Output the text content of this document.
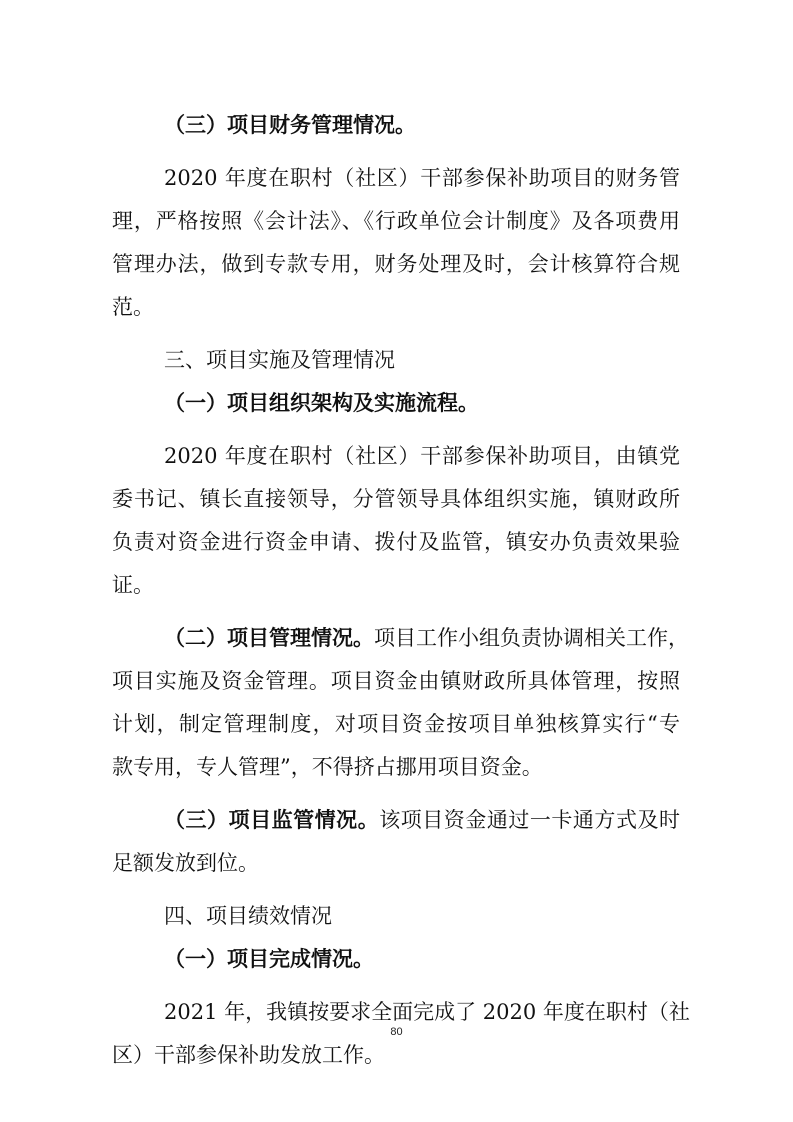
（三）项目财务管理情况。
2020 年度在职村（社区）干部参保补助项目的财务管
理，严格按照《会计法》、《行政单位会计制度》及各项费用
管理办法，做到专款专用，财务处理及时，会计核算符合规
范。
三、项目实施及管理情况
（一）项目组织架构及实施流程。
2020 年度在职村（社区）干部参保补助项目，由镇党
委书记、镇长直接领导，分管领导具体组织实施，镇财政所
负责对资金进行资金申请、拨付及监管，镇安办负责效果验
证。
（二）项目管理情况。项目工作小组负责协调相关工作，
项目实施及资金管理。项目资金由镇财政所具体管理，按照
计划，制定管理制度，对项目资金按项目单独核算实行“专
款专用，专人管理”，不得挤占挪用项目资金。
（三）项目监管情况。该项目资金通过一卡通方式及时
足额发放到位。
四、项目绩效情况
（一）项目完成情况。
2021 年，我镇按要求全面完成了 2020 年度在职村（社
区）干部参保补助发放工作。
80
